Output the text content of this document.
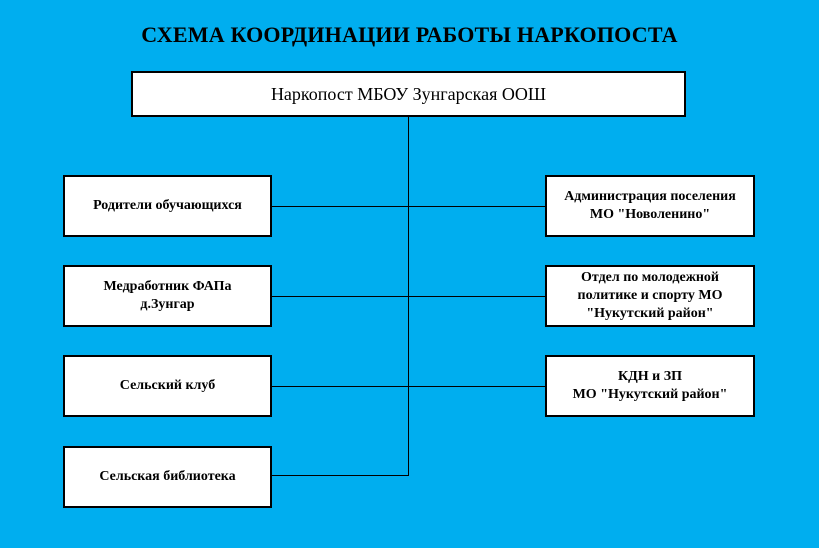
СХЕМА КООРДИНАЦИИ РАБОТЫ НАРКОПОСТА
Наркопост МБОУ Зунгарская ООШ
Родители обучающихся
Медработник ФАПа
д.Зунгар
Сельский клуб
Сельская библиотека
Администрация поселения
МО "Новоленино"
Отдел по молодежной
политике и спорту МО
"Нукутский район"
КДН и ЗП
МО "Нукутский район"
